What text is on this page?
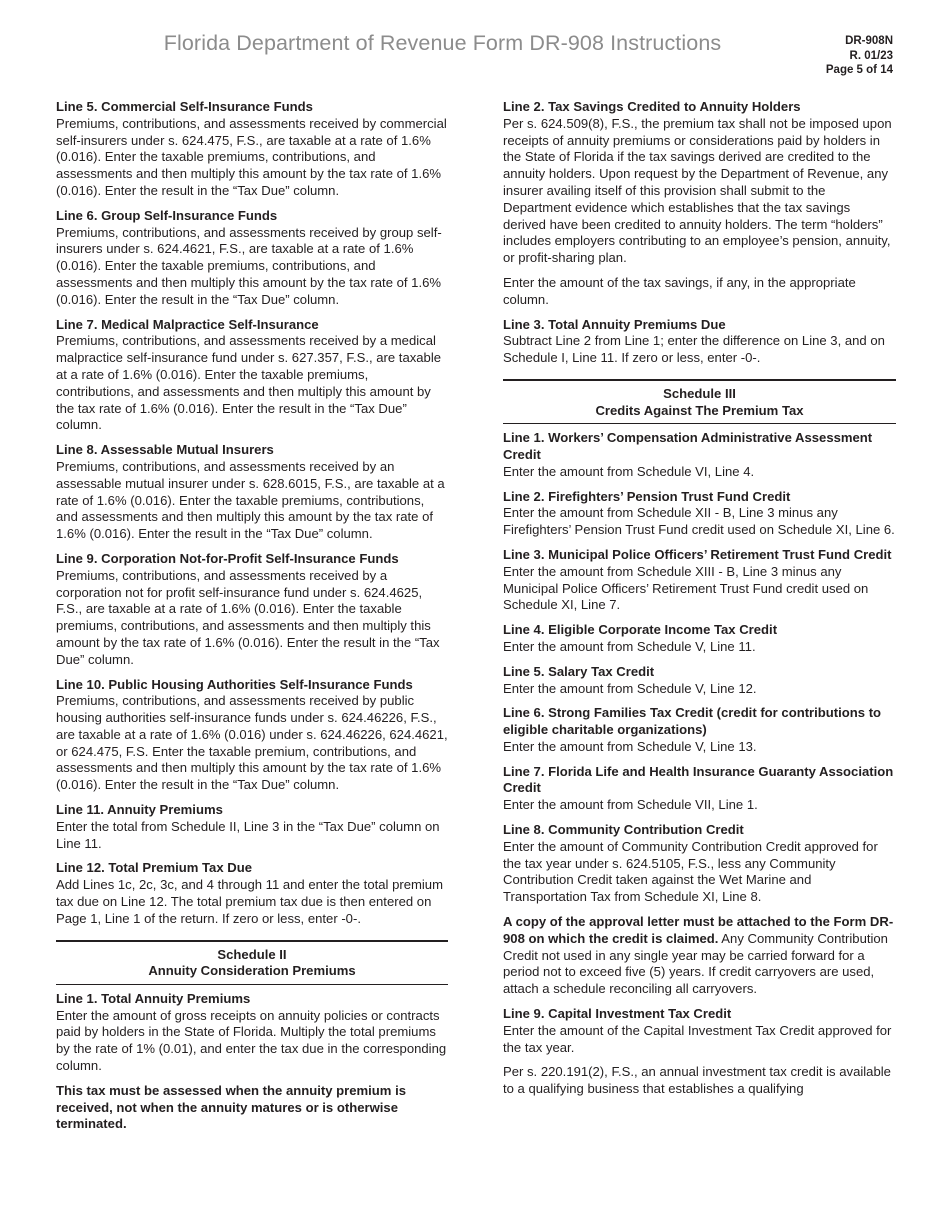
Florida Department of Revenue Form DR-908 Instructions	DR-908N
R. 01/23
Page 5 of 14
Line 5. Commercial Self-Insurance Funds

Premiums, contributions, and assessments received by commercial self-insurers under s. 624.475, F.S., are taxable at a rate of 1.6% (0.016). Enter the taxable premiums, contributions, and assessments and then multiply this amount by the tax rate of 1.6% (0.016). Enter the result in the “Tax Due” column.

Line 6. Group Self-Insurance Funds

Premiums, contributions, and assessments received by group self-insurers under s. 624.4621, F.S., are taxable at a rate of 1.6% (0.016). Enter the taxable premiums, contributions, and assessments and then multiply this amount by the tax rate of 1.6% (0.016). Enter the result in the “Tax Due” column.

Line 7. Medical Malpractice Self-Insurance

Premiums, contributions, and assessments received by a medical malpractice self-insurance fund under s. 627.357, F.S., are taxable at a rate of 1.6% (0.016). Enter the taxable premiums, contributions, and assessments and then multiply this amount by the tax rate of 1.6% (0.016). Enter the result in the “Tax Due” column.

Line 8. Assessable Mutual Insurers

Premiums, contributions, and assessments received by an assessable mutual insurer under s. 628.6015, F.S., are taxable at a rate of 1.6% (0.016). Enter the taxable premiums, contributions, and assessments and then multiply this amount by the tax rate of 1.6% (0.016). Enter the result in the “Tax Due” column.

Line 9. Corporation Not-for-Profit Self-Insurance Funds

Premiums, contributions, and assessments received by a corporation not for profit self-insurance fund under s. 624.4625, F.S., are taxable at a rate of 1.6% (0.016). Enter the taxable premiums, contributions, and assessments and then multiply this amount by the tax rate of 1.6% (0.016). Enter the result in the “Tax Due” column.

Line 10. Public Housing Authorities Self-Insurance Funds

Premiums, contributions, and assessments received by public housing authorities self-insurance funds under s. 624.46226, F.S., are taxable at a rate of 1.6% (0.016) under s. 624.46226, 624.4621, or 624.475, F.S. Enter the taxable premium, contributions, and assessments and then multiply this amount by the tax rate of 1.6% (0.016). Enter the result in the “Tax Due” column.

Line 11. Annuity Premiums

Enter the total from Schedule II, Line 3 in the “Tax Due” column on Line 11.

Line 12. Total Premium Tax Due

Add Lines 1c, 2c, 3c, and 4 through 11 and enter the total premium tax due on Line 12. The total premium tax due is then entered on Page 1, Line 1 of the return. If zero or less, enter -0-.

Schedule II
Annuity Consideration Premiums
Line 1. Total Annuity Premiums

Enter the amount of gross receipts on annuity policies or contracts paid by holders in the State of Florida. Multiply the total premiums by the rate of 1% (0.01), and enter the tax due in the corresponding column.

This tax must be assessed when the annuity premium is received, not when the annuity matures or is otherwise terminated.

Line 2. Tax Savings Credited to Annuity Holders

Per s. 624.509(8), F.S., the premium tax shall not be imposed upon receipts of annuity premiums or considerations paid by holders in the State of Florida if the tax savings derived are credited to the annuity holders. Upon request by the Department of Revenue, any insurer availing itself of this provision shall submit to the Department evidence which establishes that the tax savings derived have been credited to annuity holders. The term “holders” includes employers contributing to an employee’s pension, annuity, or profit-sharing plan.

Enter the amount of the tax savings, if any, in the appropriate column.

Line 3. Total Annuity Premiums Due

Subtract Line 2 from Line 1; enter the difference on Line 3, and on Schedule I, Line 11. If zero or less, enter -0-.

Schedule III
Credits Against The Premium Tax
Line 1. Workers’ Compensation Administrative Assessment Credit

Enter the amount from Schedule VI, Line 4.

Line 2. Firefighters’ Pension Trust Fund Credit

Enter the amount from Schedule XII - B, Line 3 minus any Firefighters’ Pension Trust Fund credit used on Schedule XI, Line 6.

Line 3. Municipal Police Officers’ Retirement Trust Fund Credit

Enter the amount from Schedule XIII - B, Line 3 minus any Municipal Police Officers’ Retirement Trust Fund credit used on Schedule XI, Line 7.

Line 4. Eligible Corporate Income Tax Credit

Enter the amount from Schedule V, Line 11.

Line 5. Salary Tax Credit

Enter the amount from Schedule V, Line 12.

Line 6. Strong Families Tax Credit (credit for contributions to eligible charitable organizations)

Enter the amount from Schedule V, Line 13.

Line 7. Florida Life and Health Insurance Guaranty Association Credit

Enter the amount from Schedule VII, Line 1.

Line 8. Community Contribution Credit

Enter the amount of Community Contribution Credit approved for the tax year under s. 624.5105, F.S., less any Community Contribution Credit taken against the Wet Marine and Transportation Tax from Schedule XI, Line 8.

A copy of the approval letter must be attached to the Form DR-908 on which the credit is claimed. Any Community Contribution Credit not used in any single year may be carried forward for a period not to exceed five (5) years. If credit carryovers are used, attach a schedule reconciling all carryovers.

Line 9. Capital Investment Tax Credit

Enter the amount of the Capital Investment Tax Credit approved for the tax year.

Per s. 220.191(2), F.S., an annual investment tax credit is available to a qualifying business that establishes a qualifying
